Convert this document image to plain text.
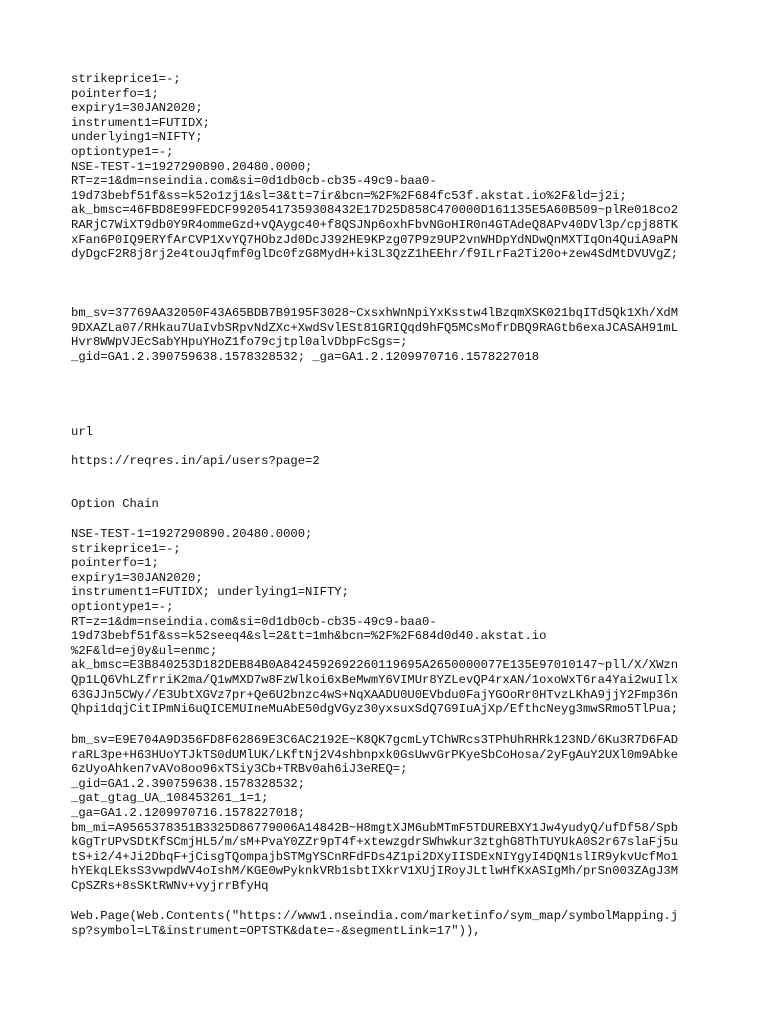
strikeprice1=-;
pointerfo=1;
expiry1=30JAN2020;
instrument1=FUTIDX;
underlying1=NIFTY;
optiontype1=-;
NSE-TEST-1=1927290890.20480.0000;
RT=z=1&dm=nseindia.com&si=0d1db0cb-cb35-49c9-baa0-
19d73bebf51f&ss=k52o1zj1&sl=3&tt=7ir&bcn=%2F%2F684fc53f.akstat.io%2F&ld=j2i;
ak_bmsc=46FBD8E99FEDCF99205417359308432E17D25D858C470000D161135E5A60B509~plRe018co2
RARjC7WiXT9db0Y9R4ommeGzd+vQAygc40+f8QSJNp6oxhFbvNGoHIR0n4GTAdeQ8APv40DVl3p/cpj88TK
xFan6P0IQ9ERYfArCVP1XvYQ7HObzJd0DcJ392HE9KPzg07P9z9UP2vnWHDpYdNDwQnMXTIqOn4QuiA9aPN
dyDgcF2R8j8rj2e4touJqfmf0glDc0fzG8MydH+ki3L3QzZ1hEEhr/f9ILrFa2Ti20o+zew4SdMtDVUVgZ;
bm_sv=37769AA32050F43A65BDB7B9195F3028~CxsxhWnNpiYxKsstw4lBzqmXSK021bqITd5Qk1Xh/XdM
9DXAZLa07/RHkau7UaIvbSRpvNdZXc+XwdSvlESt81GRIQqd9hFQ5MCsMofrDBQ9RAGtb6exaJCASAH91mL
Hvr8WWpVJEcSabYHpuYHoZ1fo79cjtpl0alvDbpFcSgs=;
_gid=GA1.2.390759638.1578328532; _ga=GA1.2.1209970716.1578227018
url
https://reqres.in/api/users?page=2
Option Chain
NSE-TEST-1=1927290890.20480.0000;
strikeprice1=-;
pointerfo=1;
expiry1=30JAN2020;
instrument1=FUTIDX; underlying1=NIFTY;
optiontype1=-;
RT=z=1&dm=nseindia.com&si=0d1db0cb-cb35-49c9-baa0-
19d73bebf51f&ss=k52seeq4&sl=2&tt=1mh&bcn=%2F%2F684d0d40.akstat.io
%2F&ld=ej0y&ul=enmc;
ak_bmsc=E3B840253D182DEB84B0A8424592692260119695A2650000077E135E97010147~pll/X/XWzn
Qp1LQ6VhLZfrriK2ma/Q1wMXD7w8FzWlkoi6xBeMwmY6VIMUr8YZLevQP4rxAN/1oxoWxT6ra4Yai2wuIlx
63GJJn5CWy//E3UbtXGVz7pr+Qe6U2bnzc4wS+NqXAADU0U0EVbdu0FajYGOoRr0HTvzLKhA9jjY2Fmp36n
Qhpi1dqjCitIPmNi6uQICEMUIneMuAbE50dgVGyz30yxsuxSdQ7G9IuAjXp/EfthcNeyg3mwSRmo5TlPua;
bm_sv=E9E704A9D356FD8F62869E3C6AC2192E~K8QK7gcmLyTChWRcs3TPhUhRHRk123ND/6Ku3R7D6FAD
raRL3pe+H63HUoYTJkTS0dUMlUK/LKftNj2V4shbnpxk0GsUwvGrPKyeSbCoHosa/2yFgAuY2UXl0m9Abke
6zUyoAhken7vAVo8oo96xTSiy3Cb+TRBv0ah6iJ3eREQ=;
_gid=GA1.2.390759638.1578328532;
_gat_gtag_UA_108453261_1=1;
_ga=GA1.2.1209970716.1578227018;
bm_mi=A9565378351B3325D86779006A14842B~H8mgtXJM6ubMTmF5TDUREBXY1Jw4yudyQ/ufDf58/Spb
kGgTrUPvSDtKfSCmjHL5/m/sM+PvaY0ZZr9pT4f+xtewzgdrSWhwkur3ztghG8ThTUYUkA0S2r67slaFj5u
tS+i2/4+Ji2DbqF+jCisgTQompajbSTMgYSCnRFdFDs4Z1pi2DXyIISDExNIYgyI4DQN1slIR9ykvUcfMo1
hYEkqLEksS3vwpdWV4oIshM/KGE0wPyknkVRb1sbtIXkrV1XUjIRoyJLtlwHfKxASIgMh/prSn003ZAgJ3M
CpSZRs+8sSKtRWNv+vyjrrBfyHq
Web.Page(Web.Contents("https://www1.nseindia.com/marketinfo/sym_map/symbolMapping.j
sp?symbol=LT&instrument=OPTSTK&date=-&segmentLink=17")),
